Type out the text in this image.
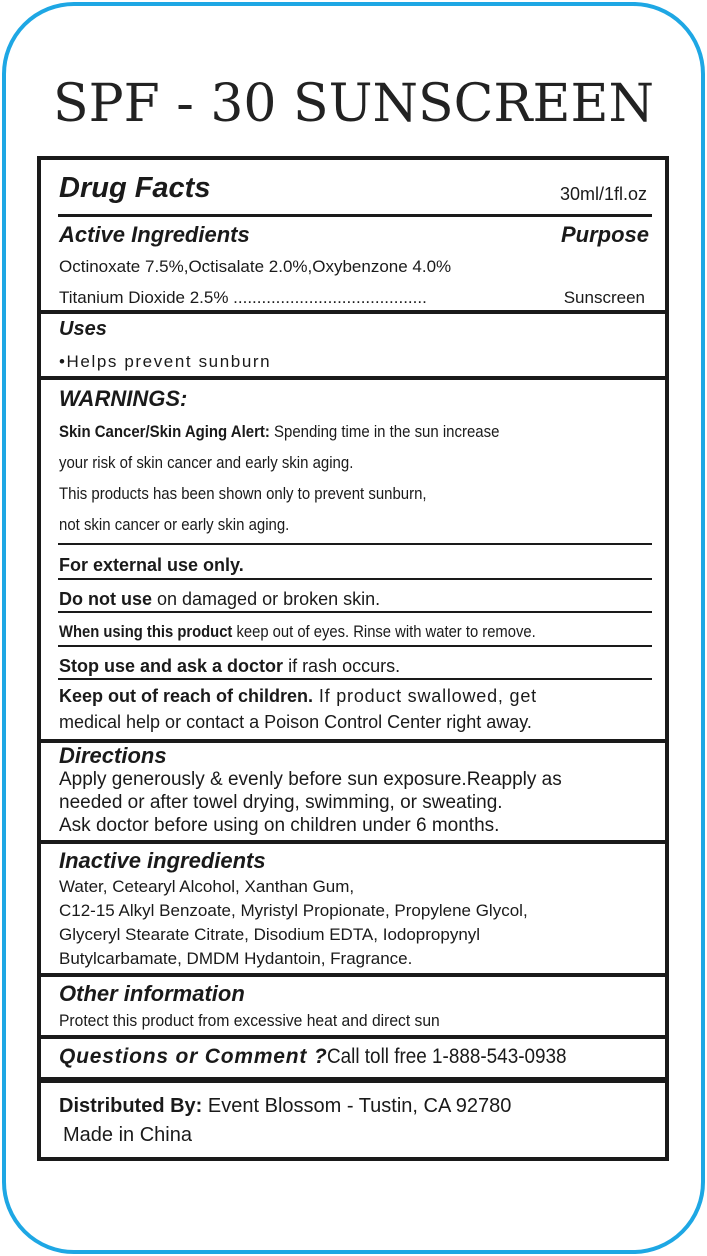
SPF - 30 SUNSCREEN
Drug Facts	30ml/1fl.oz
Active Ingredients	Purpose
Octinoxate 7.5%,Octisalate 2.0%,Oxybenzone 4.0%
Titanium Dioxide 2.5% .........................................	Sunscreen
Uses
•Helps prevent sunburn
WARNINGS:
Skin Cancer/Skin Aging Alert: Spending time in the sun increase
your risk of skin cancer and early skin aging.
This products has been shown only to prevent sunburn,
not skin cancer or early skin aging.
For external use only.
Do not use on damaged or broken skin.
When using this product keep out of eyes. Rinse with water to remove.
Stop use and ask a doctor if rash occurs.
Keep out of reach of children. If product swallowed, get
medical help or contact a Poison Control Center right away.
Directions
Apply generously & evenly before sun exposure.Reapply as
needed or after towel drying, swimming, or sweating.
Ask doctor before using on children under 6 months.
Inactive ingredients
Water, Cetearyl Alcohol, Xanthan Gum,
C12-15 Alkyl Benzoate, Myristyl Propionate, Propylene Glycol,
Glyceryl Stearate Citrate, Disodium EDTA, Iodopropynyl
Butylcarbamate, DMDM Hydantoin, Fragrance.
Other information
Protect this product from excessive heat and direct sun
Questions or Comment ?Call toll free 1-888-543-0938
Distributed By: Event Blossom - Tustin, CA 92780
Made in China
